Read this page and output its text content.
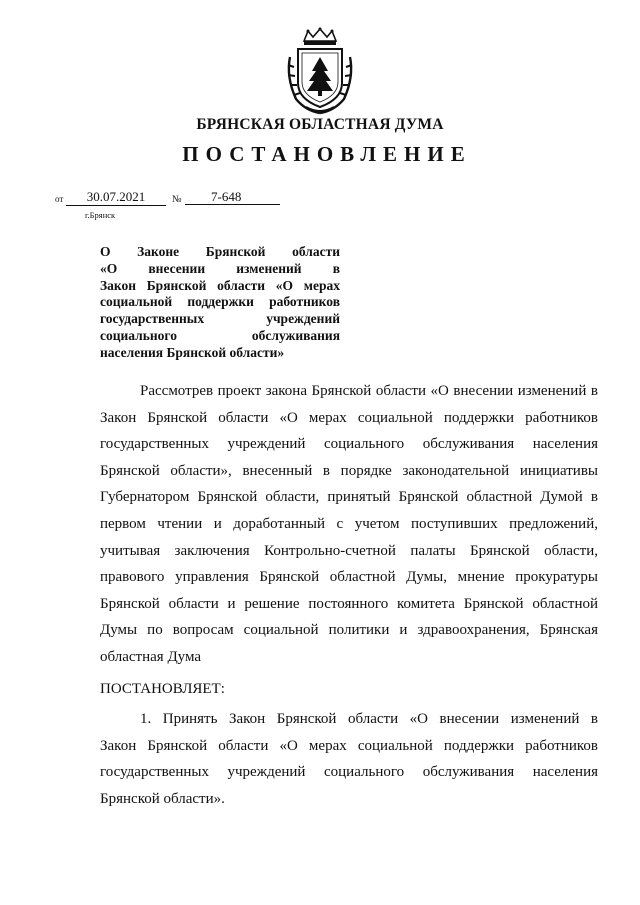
БРЯНСКАЯ ОБЛАСТНАЯ ДУМА
ПОСТАНОВЛЕНИЕ
от	30.07.2021	№	7-648
г.Брянск
О Законе Брянской области
«О внесении изменений в
Закон Брянской области «О мерах
социальной поддержки работников
государственных учреждений
социального обслуживания
населения Брянской области»
Рассмотрев проект закона Брянской области «О внесении изменений в
Закон Брянской области «О мерах социальной поддержки работников
государственных учреждений социального обслуживания населения
Брянской области», внесенный в порядке законодательной инициативы
Губернатором Брянской области, принятый Брянской областной Думой в
первом чтении и доработанный с учетом поступивших предложений,
учитывая заключения Контрольно-счетной палаты Брянской области,
правового управления Брянской областной Думы, мнение прокуратуры
Брянской области и решение постоянного комитета Брянской областной
Думы по вопросам социальной политики и здравоохранения, Брянская
областная Дума
ПОСТАНОВЛЯЕТ:
1. Принять Закон Брянской области «О внесении изменений в
Закон Брянской области «О мерах социальной поддержки работников
государственных учреждений социального обслуживания населения
Брянской области».
